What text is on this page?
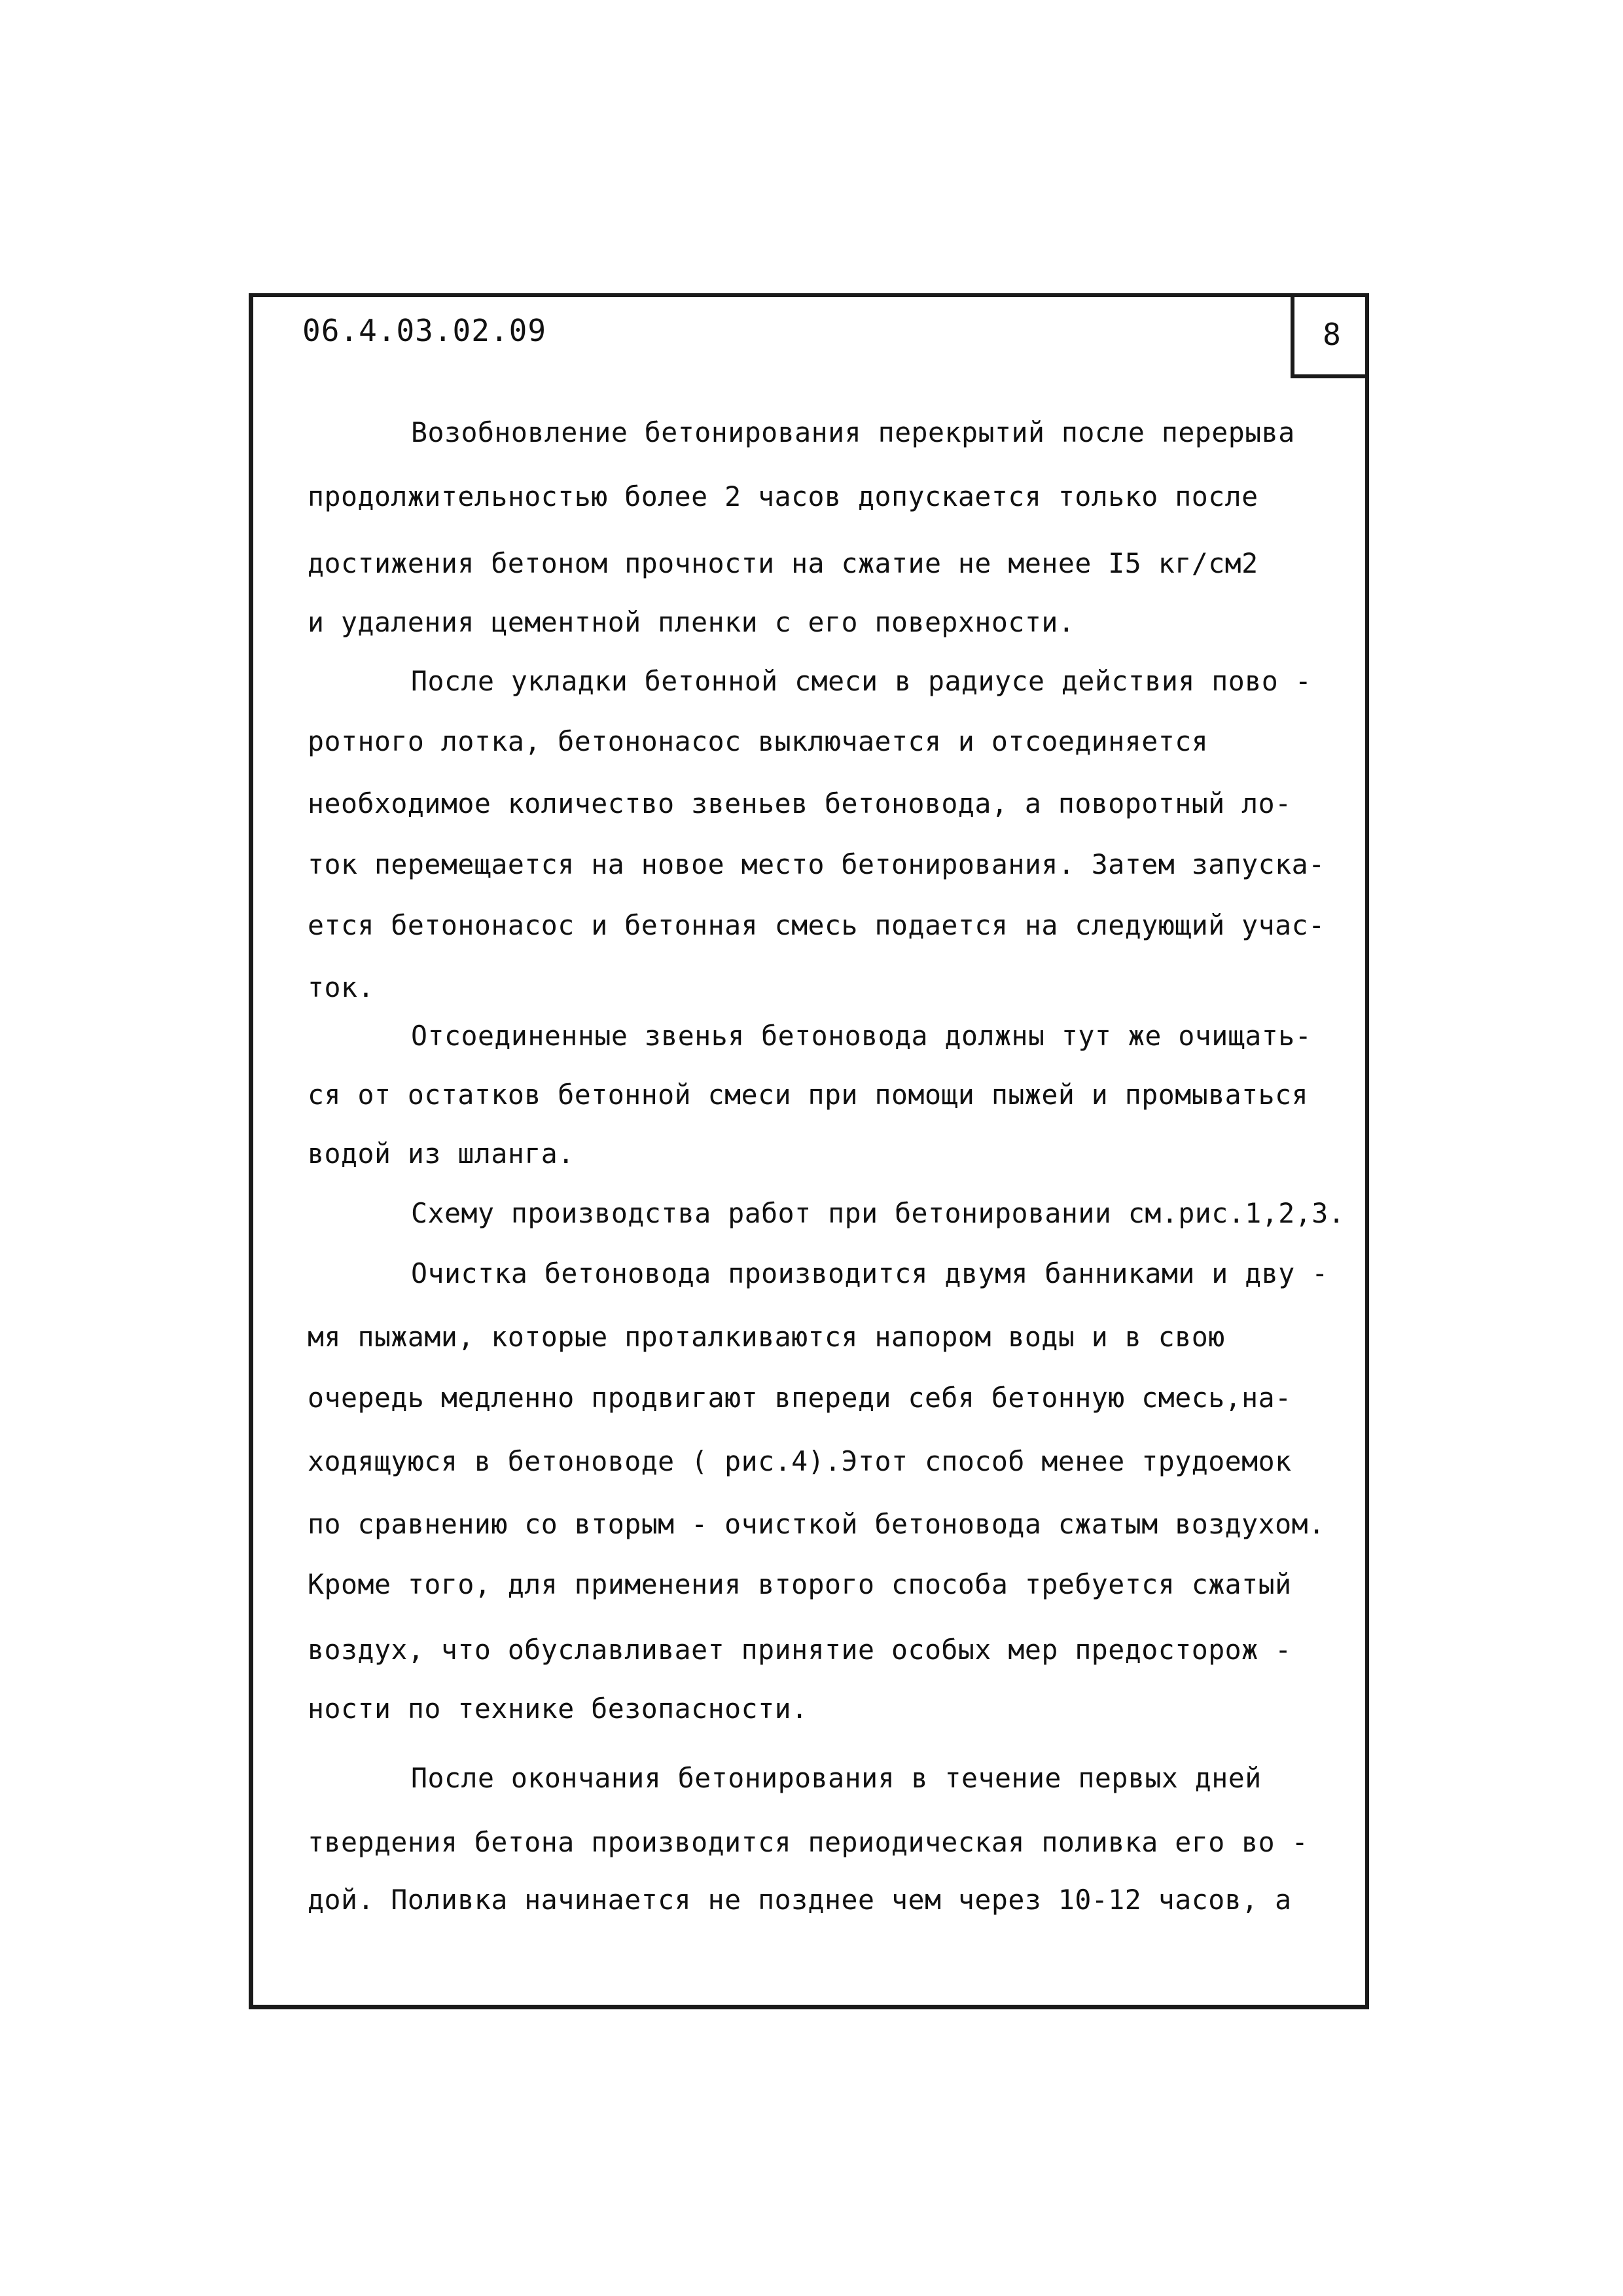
06.4.03.02.09	8
Возобновление бетонирования перекрытий после перерыва
продолжительностью более 2 часов допускается только после
достижения бетоном прочности на сжатие не менее I5 кг/см2
и удаления цементной пленки с его поверхности.
После укладки бетонной смеси в радиусе действия пово -
ротного лотка, бетононасос выключается и отсоединяется
необходимое количество звеньев бетоновода, а поворотный ло-
ток перемещается на новое место бетонирования. Затем запуска-
ется бетононасос и бетонная смесь подается на следующий учас-
ток.
Отсоединенные звенья бетоновода должны тут же очищать-
ся от остатков бетонной смеси при помощи пыжей и промываться
водой из шланга.
Схему производства работ при бетонировании см.рис.1,2,3.
Очистка бетоновода производится двумя банниками и дву -
мя пыжами, которые проталкиваются напором воды и в свою
очередь медленно продвигают впереди себя бетонную смесь,на-
ходящуюся в бетоноводе ( рис.4).Этот способ менее трудоемок
по сравнению со вторым - очисткой бетоновода сжатым воздухом.
Кроме того, для применения второго способа требуется сжатый
воздух, что обуславливает принятие особых мер предосторож -
ности по технике безопасности.
После окончания бетонирования в течение первых дней
твердения бетона производится периодическая поливка его во -
дой. Поливка начинается не позднее чем через 10-12 часов, а
